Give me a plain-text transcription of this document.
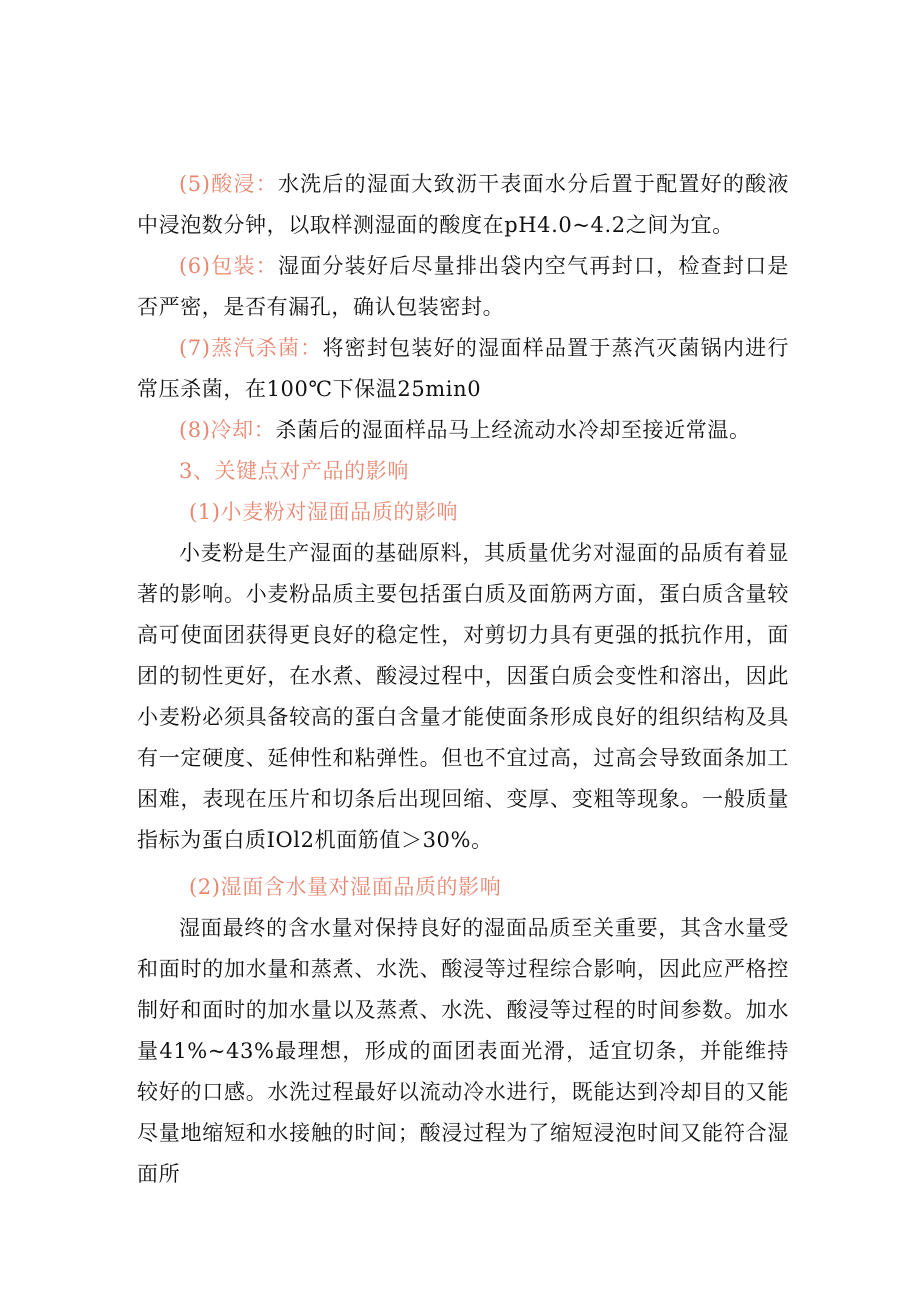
(5)酸浸：水洗后的湿面大致沥干表面水分后置于配置好的酸液中浸泡数分钟，以取样测湿面的酸度在pH4.0~4.2之间为宜。

(6)包装：湿面分装好后尽量排出袋内空气再封口，检查封口是否严密，是否有漏孔，确认包装密封。

(7)蒸汽杀菌：将密封包装好的湿面样品置于蒸汽灭菌锅内进行常压杀菌，在100℃下保温25min0

(8)冷却：杀菌后的湿面样品马上经流动水冷却至接近常温。

3、关键点对产品的影响

(1)小麦粉对湿面品质的影响

小麦粉是生产湿面的基础原料，其质量优劣对湿面的品质有着显著的影响。小麦粉品质主要包括蛋白质及面筋两方面，蛋白质含量较高可使面团获得更良好的稳定性，对剪切力具有更强的抵抗作用，面团的韧性更好，在水煮、酸浸过程中，因蛋白质会变性和溶出，因此小麦粉必须具备较高的蛋白含量才能使面条形成良好的组织结构及具有一定硬度、延伸性和粘弹性。但也不宜过高，过高会导致面条加工困难，表现在压片和切条后出现回缩、变厚、变粗等现象。一般质量指标为蛋白质IOl2机面筋值＞30%。

(2)湿面含水量对湿面品质的影响

湿面最终的含水量对保持良好的湿面品质至关重要，其含水量受和面时的加水量和蒸煮、水洗、酸浸等过程综合影响，因此应严格控制好和面时的加水量以及蒸煮、水洗、酸浸等过程的时间参数。加水量41%~43%最理想，形成的面团表面光滑，适宜切条，并能维持较好的口感。水洗过程最好以流动冷水进行，既能达到冷却目的又能尽量地缩短和水接触的时间；酸浸过程为了缩短浸泡时间又能符合湿面所
